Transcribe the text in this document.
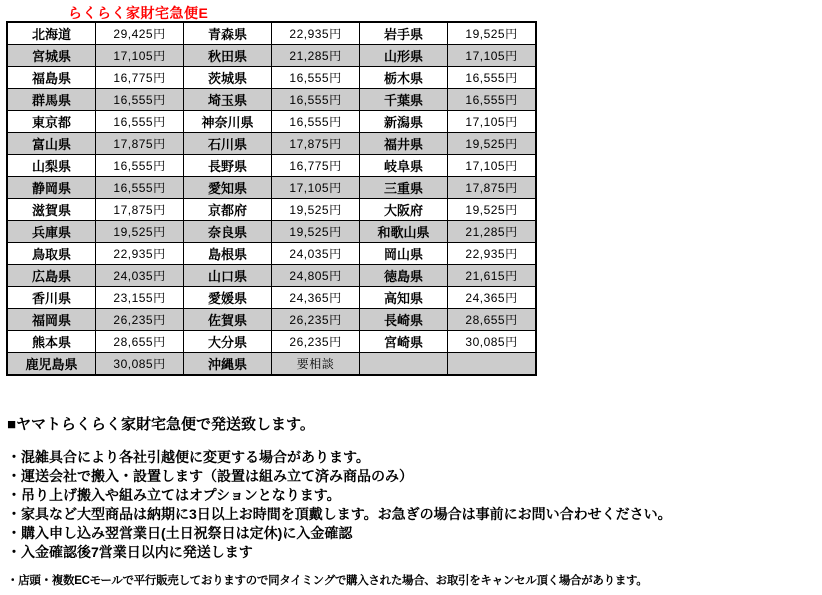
らくらく家財宅急便E
北海道	29,425円	青森県	22,935円	岩手県	19,525円
宮城県	17,105円	秋田県	21,285円	山形県	17,105円
福島県	16,775円	茨城県	16,555円	栃木県	16,555円
群馬県	16,555円	埼玉県	16,555円	千葉県	16,555円
東京都	16,555円	神奈川県	16,555円	新潟県	17,105円
富山県	17,875円	石川県	17,875円	福井県	19,525円
山梨県	16,555円	長野県	16,775円	岐阜県	17,105円
静岡県	16,555円	愛知県	17,105円	三重県	17,875円
滋賀県	17,875円	京都府	19,525円	大阪府	19,525円
兵庫県	19,525円	奈良県	19,525円	和歌山県	21,285円
鳥取県	22,935円	島根県	24,035円	岡山県	22,935円
広島県	24,035円	山口県	24,805円	徳島県	21,615円
香川県	23,155円	愛媛県	24,365円	高知県	24,365円
福岡県	26,235円	佐賀県	26,235円	長崎県	28,655円
熊本県	28,655円	大分県	26,235円	宮崎県	30,085円
鹿児島県	30,085円	沖縄県	要相談		
■ヤマトらくらく家財宅急便で発送致します。
・混雑具合により各社引越便に変更する場合があります。
・運送会社で搬入・設置します（設置は組み立て済み商品のみ）
・吊り上げ搬入や組み立てはオプションとなります。
・家具など大型商品は納期に3日以上お時間を頂戴します。お急ぎの場合は事前にお問い合わせください。
・購入申し込み翌営業日(土日祝祭日は定休)に入金確認
・入金確認後7営業日以内に発送します
・店頭・複数ECモールで平行販売しておりますので同タイミングで購入された場合、お取引をキャンセル頂く場合があります。
